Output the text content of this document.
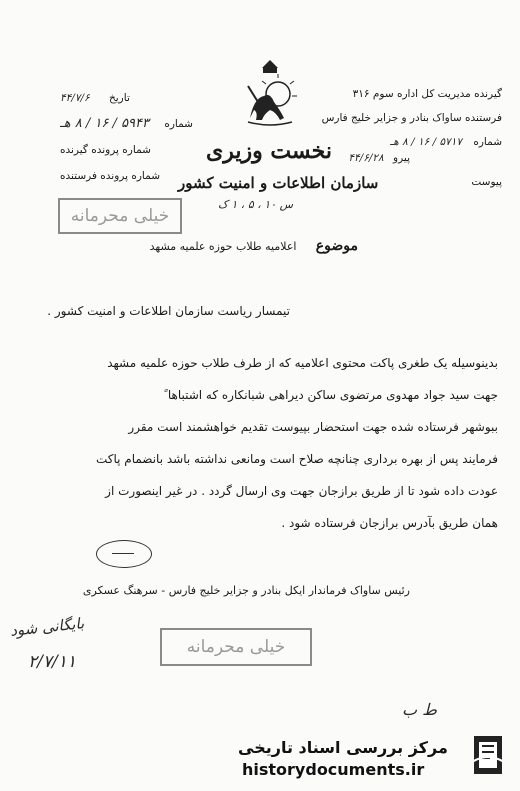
گیرنده مدیریت کل اداره سوم ۳۱۶
فرستنده ساواک بنادر و جزایر خلیج فارس
شماره ۵۷۱۷ / ۱۶ / ۸ هـ
پیرو ۴۴/۶/۲۸
پیوست
تاریخ ۴۴/۷/۶
شماره ۵۹۴۳ / ۱۶ / ۸ هـ
شماره پرونده گیرنده
شماره پرونده فرستنده
نخست وزیری
سازمان اطلاعات و امنیت کشور
س ۱۰ ، ۵ ، ۱ ک
خیلی محرمانه
موضوع اعلامیه طلاب حوزه علمیه مشهد
تیمسار ریاست سازمان اطلاعات و امنیت کشور .
بدینوسیله یک طغری پاکت محتوی اعلامیه که از طرف طلاب حوزه علمیه مشهد
جهت سید جواد مهدوی مرتضوی ساکن دیراهی شبانکاره که اشتباها ً
ببوشهر فرستاده شده جهت استحضار بپیوست تقدیم خواهشمند است مقرر
فرمایند پس از بهره برداری چنانچه صلاح است ومانعی نداشته باشد بانضمام پاکت
عودت داده شود تا از طریق برازجان جهت وی ارسال گردد . در غیر اینصورت از
همان طریق بآدرس برازجان فرستاده شود .
رئیس ساواک فرماندار ایکل بنادر و جزایر خلیج فارس - سرهنگ عسکری
بایگانی شود
۲/۷/۱۱
خیلی محرمانه
ط ب
مرکز بررسی اسناد تاریخی
historydocuments.ir
